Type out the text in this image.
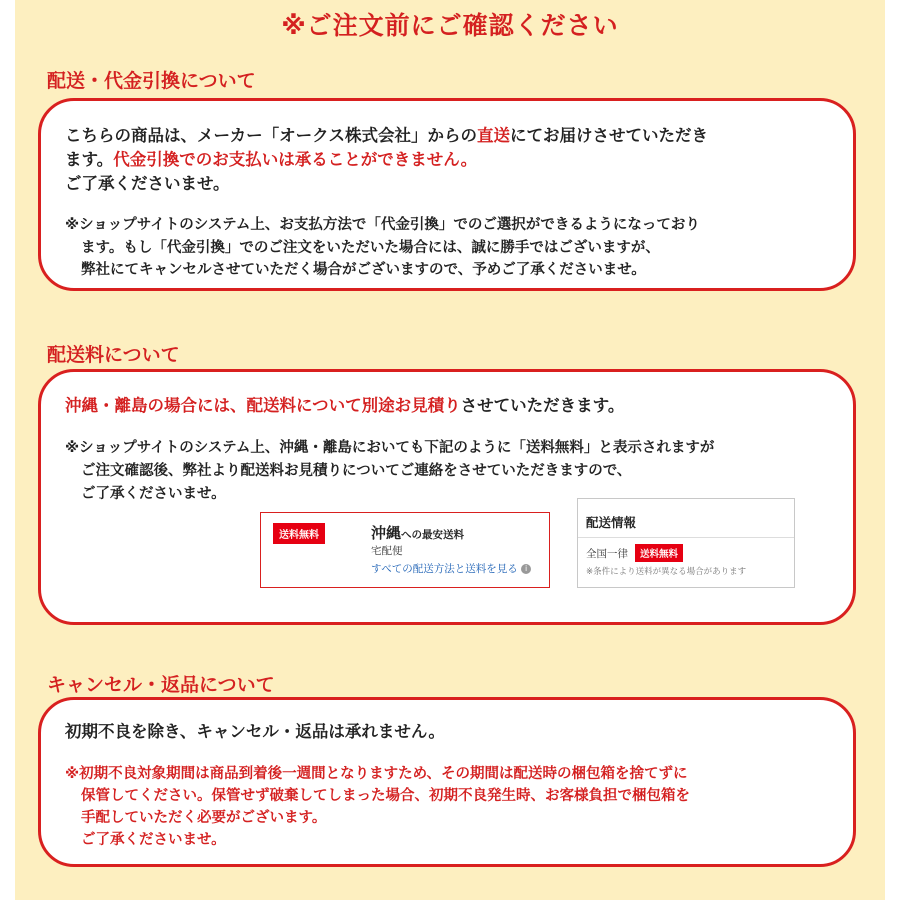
※ご注文前にご確認ください
配送・代金引換について
こちらの商品は、メーカー「オークス株式会社」からの直送にてお届けさせていただき
ます。代金引換でのお支払いは承ることができません。
ご了承くださいませ。
※ショップサイトのシステム上、お支払方法で「代金引換」でのご選択ができるようになっており
ます。もし「代金引換」でのご注文をいただいた場合には、誠に勝手ではございますが、
弊社にてキャンセルさせていただく場合がございますので、予めご了承くださいませ。
配送料について
沖縄・離島の場合には、配送料について別途お見積りさせていただきます。
※ショップサイトのシステム上、沖縄・離島においても下記のように「送料無料」と表示されますが
ご注文確認後、弊社より配送料お見積りについてご連絡をさせていただきますので、
ご了承くださいませ。
送料無料	沖縄への最安送料
宅配便
すべての配送方法と送料を見る i
配送情報
全国一律	送料無料
※条件により送料が異なる場合があります
キャンセル・返品について
初期不良を除き、キャンセル・返品は承れません。
※初期不良対象期間は商品到着後一週間となりますため、その期間は配送時の梱包箱を捨てずに
保管してください。保管せず破棄してしまった場合、初期不良発生時、お客様負担で梱包箱を
手配していただく必要がございます。
ご了承くださいませ。
